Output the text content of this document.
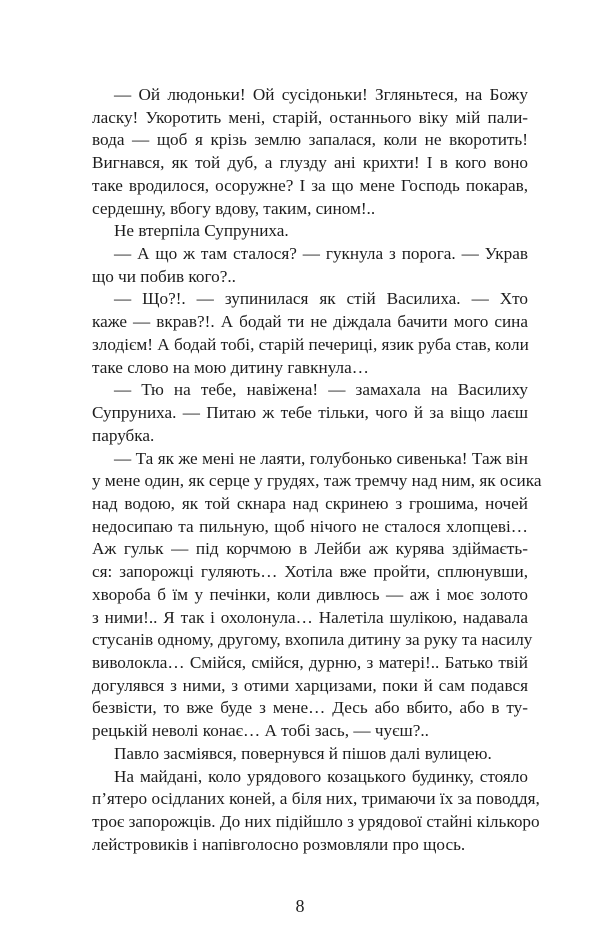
— Ой людоньки! Ой сусідоньки! Згляньтеся, на Божу
ласку! Укоротить мені, старій, останнього віку мій пали-
вода — щоб я крізь землю запалася, коли не вкоротить!
Вигнався, як той дуб, а глузду ані крихти! І в кого воно
таке вродилося, осоружне? І за що мене Господь покарав,
сердешну, вбогу вдову, таким, сином!..
Не втерпіла Супруниха.
— А що ж там сталося? — гукнула з порога. — Украв
що чи побив кого?..
— Що?!. — зупинилася як стій Василиха. — Хто
каже — вкрав?!. А бодай ти не діждала бачити мого сина
злодієм! А бодай тобі, старій печериці, язик руба став, коли
таке слово на мою дитину гавкнула…
— Тю на тебе, навіжена! — замахала на Василиху
Супруниха. — Питаю ж тебе тільки, чого й за віщо лаєш
парубка.
— Та як же мені не лаяти, голубонько сивенька! Таж він
у мене один, як серце у грудях, таж тремчу над ним, як осика
над водою, як той скнара над скринею з грошима, ночей
недосипаю та пильную, щоб нічого не сталося хлопцеві…
Аж гульк — під корчмою в Лейби аж курява здіймаєть-
ся: запорожці гуляють… Хотіла вже пройти, сплюнувши,
хвороба б їм у печінки, коли дивлюсь — аж і моє золото
з ними!.. Я так і охолонула… Налетіла шулікою, надавала
стусанів одному, другому, вхопила дитину за руку та насилу
виволокла… Смійся, смійся, дурню, з матері!.. Батько твій
догулявся з ними, з отими харцизами, поки й сам подався
безвісти, то вже буде з мене… Десь або вбито, або в ту-
рецькій неволі конає… А тобі зась, — чуєш?..
Павло засміявся, повернувся й пішов далі вулицею.
На майдані, коло урядового козацького будинку, стояло
п’ятеро осідланих коней, а біля них, тримаючи їх за поводдя,
троє запорожців. До них підійшло з урядової стайні кількоро
лейстровиків і напівголосно розмовляли про щось.
8
